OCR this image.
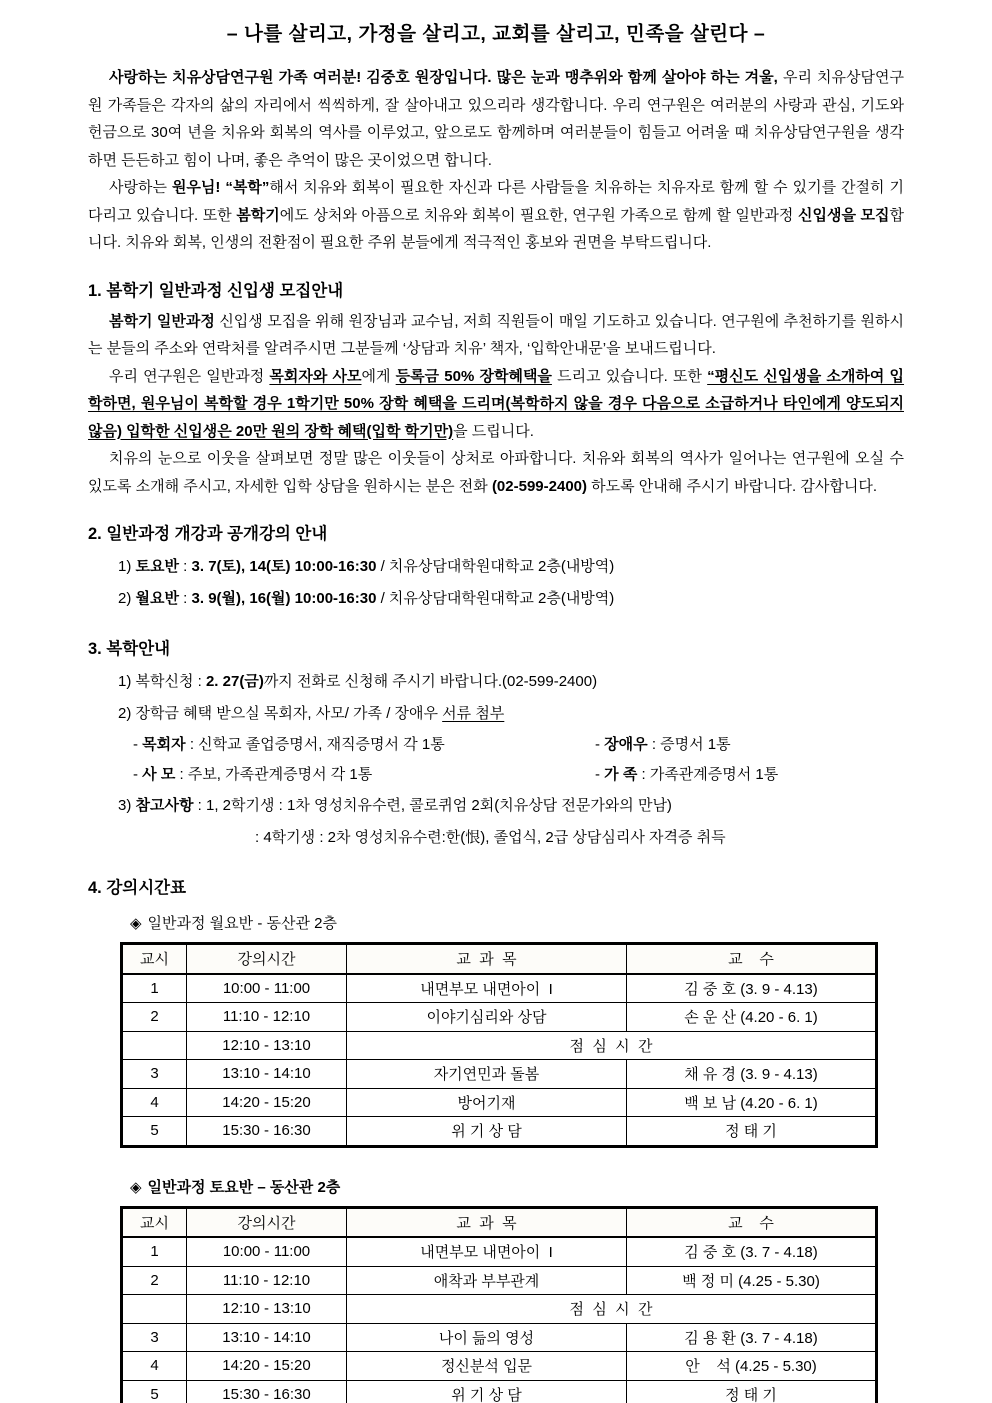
– 나를 살리고, 가정을 살리고, 교회를 살리고, 민족을 살린다 –

사랑하는 치유상담연구원 가족 여러분! 김중호 원장입니다. 많은 눈과 맹추위와 함께 살아야 하는 겨울, 우리 치유상담연구원 가족들은 각자의 삶의 자리에서 씩씩하게, 잘 살아내고 있으리라 생각합니다. 우리 연구원은 여러분의 사랑과 관심, 기도와 헌금으로 30여 년을 치유와 회복의 역사를 이루었고, 앞으로도 함께하며 여러분들이 힘들고 어려울 때 치유상담연구원을 생각하면 든든하고 힘이 나며, 좋은 추억이 많은 곳이었으면 합니다.

사랑하는 원우님! “복학”해서 치유와 회복이 필요한 자신과 다른 사람들을 치유하는 치유자로 함께 할 수 있기를 간절히 기다리고 있습니다. 또한 봄학기에도 상처와 아픔으로 치유와 회복이 필요한, 연구원 가족으로 함께 할 일반과정 신입생을 모집합니다. 치유와 회복, 인생의 전환점이 필요한 주위 분들에게 적극적인 홍보와 권면을 부탁드립니다.

1. 봄학기 일반과정 신입생 모집안내

봄학기 일반과정 신입생 모집을 위해 원장님과 교수님, 저희 직원들이 매일 기도하고 있습니다. 연구원에 추천하기를 원하시는 분들의 주소와 연락처를 알려주시면 그분들께 ‘상담과 치유’ 책자, ‘입학안내문’을 보내드립니다.

우리 연구원은 일반과정 목회자와 사모에게 등록금 50% 장학혜택을 드리고 있습니다. 또한 “평신도 신입생을 소개하여 입학하면, 원우님이 복학할 경우 1학기만 50% 장학 혜택을 드리며(복학하지 않을 경우 다음으로 소급하거나 타인에게 양도되지 않음) 입학한 신입생은 20만 원의 장학 혜택(입학 학기만)을 드립니다.

치유의 눈으로 이웃을 살펴보면 정말 많은 이웃들이 상처로 아파합니다. 치유와 회복의 역사가 일어나는 연구원에 오실 수 있도록 소개해 주시고, 자세한 입학 상담을 원하시는 분은 전화 (02-599-2400) 하도록 안내해 주시기 바랍니다. 감사합니다.

2. 일반과정 개강과 공개강의 안내
1) 토요반 : 3. 7(토), 14(토) 10:00-16:30 / 치유상담대학원대학교 2층(내방역)
2) 월요반 : 3. 9(월), 16(월) 10:00-16:30 / 치유상담대학원대학교 2층(내방역)
3. 복학안내
1) 복학신청 : 2. 27(금)까지 전화로 신청해 주시기 바랍니다.(02-599-2400)
2) 장학금 혜택 받으실 목회자, 사모/ 가족 / 장애우 서류 첨부
- 목회자 : 신학교 졸업증명서, 재직증명서 각 1통	- 장애우 : 증명서 1통
- 사 모 : 주보, 가족관계증명서 각 1통	- 가 족 : 가족관계증명서 1통
3) 참고사항 : 1, 2학기생 : 1차 영성치유수련, 콜로퀴엄 2회(치유상담 전문가와의 만남)
: 4학기생 : 2차 영성치유수련:한(恨), 졸업식, 2급 상담심리사 자격증 취득
4. 강의시간표
◈ 일반과정 월요반 - 동산관 2층
교시	강의시간	교  과  목	교    수
1	10:00 - 11:00	내면부모 내면아이  I	김 중 호 (3. 9 - 4.13)
2	11:10 - 12:10	이야기심리와 상담	손 운 산 (4.20 - 6. 1)
	12:10 - 13:10	점  심  시  간	
3	13:10 - 14:10	자기연민과 돌봄	채 유 경 (3. 9 - 4.13)
4	14:20 - 15:20	방어기재	백 보 남 (4.20 - 6. 1)
5	15:30 - 16:30	위 기 상 담	정 태 기
◈ 일반과정 토요반 – 동산관 2층
교시	강의시간	교  과  목	교    수
1	10:00 - 11:00	내면부모 내면아이  I	김 중 호 (3. 7 - 4.18)
2	11:10 - 12:10	애착과 부부관계	백 정 미 (4.25 - 5.30)
	12:10 - 13:10	점  심  시  간	
3	13:10 - 14:10	나이 듦의 영성	김 용 환 (3. 7 - 4.18)
4	14:20 - 15:20	정신분석 입문	안    석 (4.25 - 5.30)
5	15:30 - 16:30	위 기 상 담	정 태 기
